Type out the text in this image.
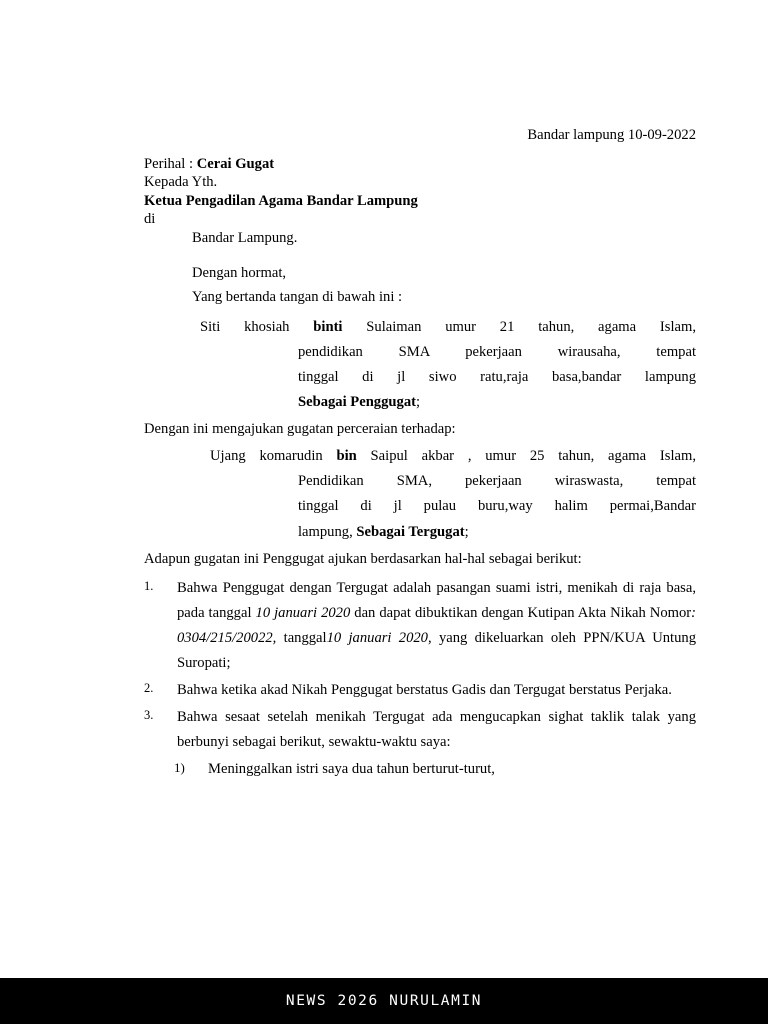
Bandar lampung 10-09-2022
Perihal : Cerai Gugat
Kepada Yth.
Ketua Pengadilan Agama Bandar Lampung
di
Bandar Lampung.
Dengan hormat,
Yang bertanda tangan di bawah ini :
Siti khosiah binti Sulaiman umur 21 tahun, agama Islam,
pendidikan SMA pekerjaan wirausaha, tempat
tinggal di jl siwo ratu,raja basa,bandar lampung
Sebagai Penggugat;
Dengan ini mengajukan gugatan perceraian terhadap:
Ujang komarudin bin Saipul akbar , umur 25 tahun, agama Islam,
Pendidikan SMA, pekerjaan wiraswasta, tempat
tinggal di jl pulau buru,way halim permai,Bandar
lampung, Sebagai Tergugat;
Adapun gugatan ini Penggugat ajukan berdasarkan hal-hal sebagai berikut:
1.	Bahwa Penggugat dengan Tergugat adalah pasangan suami istri, menikah di raja basa, pada tanggal 10 januari 2020 dan dapat dibuktikan dengan Kutipan Akta Nikah Nomor: 0304/215/20022, tanggal10 januari 2020, yang dikeluarkan oleh PPN/KUA Untung Suropati;
2.	Bahwa ketika akad Nikah Penggugat berstatus Gadis dan Tergugat berstatus Perjaka.
3.	Bahwa sesaat setelah menikah Tergugat ada mengucapkan sighat taklik talak yang berbunyi sebagai berikut, sewaktu-waktu saya:
1) Meninggalkan istri saya dua tahun berturut-turut,
NEWS 2026 NURULAMIN
